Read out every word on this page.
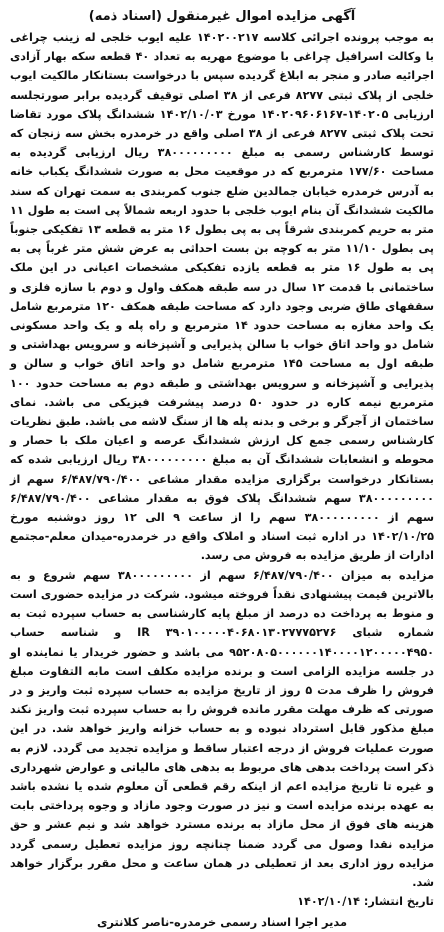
آگهی مزایده اموال غیرمنقول (اسناد ذمه)

به موجب پرونده اجرائی کلاسه ۱۴۰۲۰۰۲۱۷ علیه ایوب خلجی له زینب چراغی با وکالت اسرافیل چراغی با موضوع مهریه به تعداد ۴۰ قطعه سکه بهار آزادی اجرائیه صادر و منجر به ابلاغ گردیده سپس با درخواست بستانکار مالکیت ایوب خلجی از پلاک ثبتی ۸۲۷۷ فرعی از ۳۸ اصلی توقیف گردیده برابر صورتجلسه ارزیابی ۱۴۰۲۰۵-۱۴۰۲۰۹۶۰۶۱۶۷ مورخ ۱۴۰۲/۱۰/۰۳ ششدانگ پلاک مورد تقاضا تحت پلاک ثبتی ۸۲۷۷ فرعی از ۳۸ اصلی واقع در خرمدره بخش سه زنجان که توسط کارشناس رسمی به مبلغ ۳۸۰۰۰۰۰۰۰۰۰ ریال ارزیابی گردیده به مساحت ۱۷۷/۶۰ مترمربع که در موقعیت محل به صورت ششدانگ یکباب خانه به آدرس خرمدره خیابان جمالدین ضلع جنوب کمربندی به سمت تهران که سند مالکیت ششدانگ آن بنام ایوب خلجی با حدود اربعه شمالاً پی است به طول ۱۱ متر به حریم کمربندی شرقاً پی به پی بطول ۱۶ متر به قطعه ۱۳ تفکیکی جنوباً پی بطول ۱۱/۱۰ متر به کوچه بن بست احداثی به عرض شش متر غرباً پی به پی به طول ۱۶ متر به قطعه یازده تفکیکی مشخصات اعیانی در این ملک ساختمانی با قدمت ۱۲ سال در سه طبقه همکف واول و دوم با سازه فلزی و سقفهای طاق ضربی وجود دارد که مساحت طبقه همکف ۱۲۰ مترمربع شامل یک واحد مغازه به مساحت حدود ۱۴ مترمربع و راه پله و یک واحد مسکونی شامل دو واحد اتاق خواب با سالن پذیرایی و آشپزخانه و سرویس بهداشتی و طبقه اول به مساحت ۱۴۵ مترمربع شامل دو واحد اتاق خواب و سالن و پذیرایی و آشپزخانه و سرویس بهداشتی و طبقه دوم به مساحت حدود ۱۰۰ مترمربع نیمه کاره در حدود ۵۰ درصد پیشرفت فیزیکی می باشد. نمای ساختمان از آجرگر و برخی و بدنه پله ها از سنگ لاشه می باشد. طبق نظریات کارشناس رسمی جمع کل ارزش ششدانگ عرصه و اعیان ملک با حصار و محوطه و انشعابات ششدانگ آن به مبلغ ۳۸۰۰۰۰۰۰۰۰۰ ریال ارزیابی شده که بستانکار درخواست برگزاری مزایده مقدار مشاعی ۶/۴۸۷/۷۹۰/۴۰۰ سهم از ۳۸۰۰۰۰۰۰۰۰۰ سهم ششدانگ پلاک فوق به مقدار مشاعی ۶/۴۸۷/۷۹۰/۴۰۰ سهم از ۳۸۰۰۰۰۰۰۰۰۰ سهم را از ساعت ۹ الی ۱۲ روز دوشنبه مورخ ۱۴۰۲/۱۰/۲۵ در اداره ثبت اسناد و املاک واقع در خرمدره-میدان معلم-مجتمع ادارات از طریق مزایده به فروش می رسد.

مزایده به میزان ۶/۴۸۷/۷۹۰/۴۰۰ سهم از ۳۸۰۰۰۰۰۰۰۰۰ سهم شروع و به بالاترین قیمت پیشنهادی نقداً فروخته میشود. شرکت در مزایده حضوری است و منوط به پرداخت ده درصد از مبلغ پایه کارشناسی به حساب سپرده ثبت به شماره شبای IR ۳۹۰۱۰۰۰۰۰۴۰۶۸۰۱۳۰۲۷۷۷۵۲۷۶ و شناسه حساب ۹۵۲۰۸۰۵۰۰۰۰۰۰۱۴۰۰۰۰۱۲۰۰۰۰۰۴۹۵۰ می باشد و حضور خریدار یا نماینده او در جلسه مزایده الزامی است و برنده مزایده مکلف است مابه التفاوت مبلغ فروش را ظرف مدت ۵ روز از تاریخ مزایده به حساب سپرده ثبت واریز و در صورتی که ظرف مهلت مقرر مانده فروش را به حساب سپرده ثبت واریز نکند مبلغ مذکور قابل استرداد نبوده و به حساب خزانه واریز خواهد شد. در این صورت عملیات فروش از درجه اعتبار ساقط و مزایده تجدید می گردد. لازم به ذکر است پرداخت بدهی های مربوط به بدهی های مالیاتی و عوارض شهرداری و غیره تا تاریخ مزایده اعم از اینکه رقم قطعی آن معلوم شده یا نشده باشد به عهده برنده مزایده است و نیز در صورت وجود مازاد و وجوه پرداختی بابت هزینه های فوق از محل مازاد به برنده مسترد خواهد شد و نیم عشر و حق مزایده نقدا وصول می گردد ضمنا چنانچه روز مزایده تعطیل رسمی گردد مزایده روز اداری بعد از تعطیلی در همان ساعت و محل مقرر برگزار خواهد شد.

تاریخ انتشار: ۱۴۰۲/۱۰/۱۴
مدیر اجرا اسناد رسمی خرمدره-ناصر کلانتری
